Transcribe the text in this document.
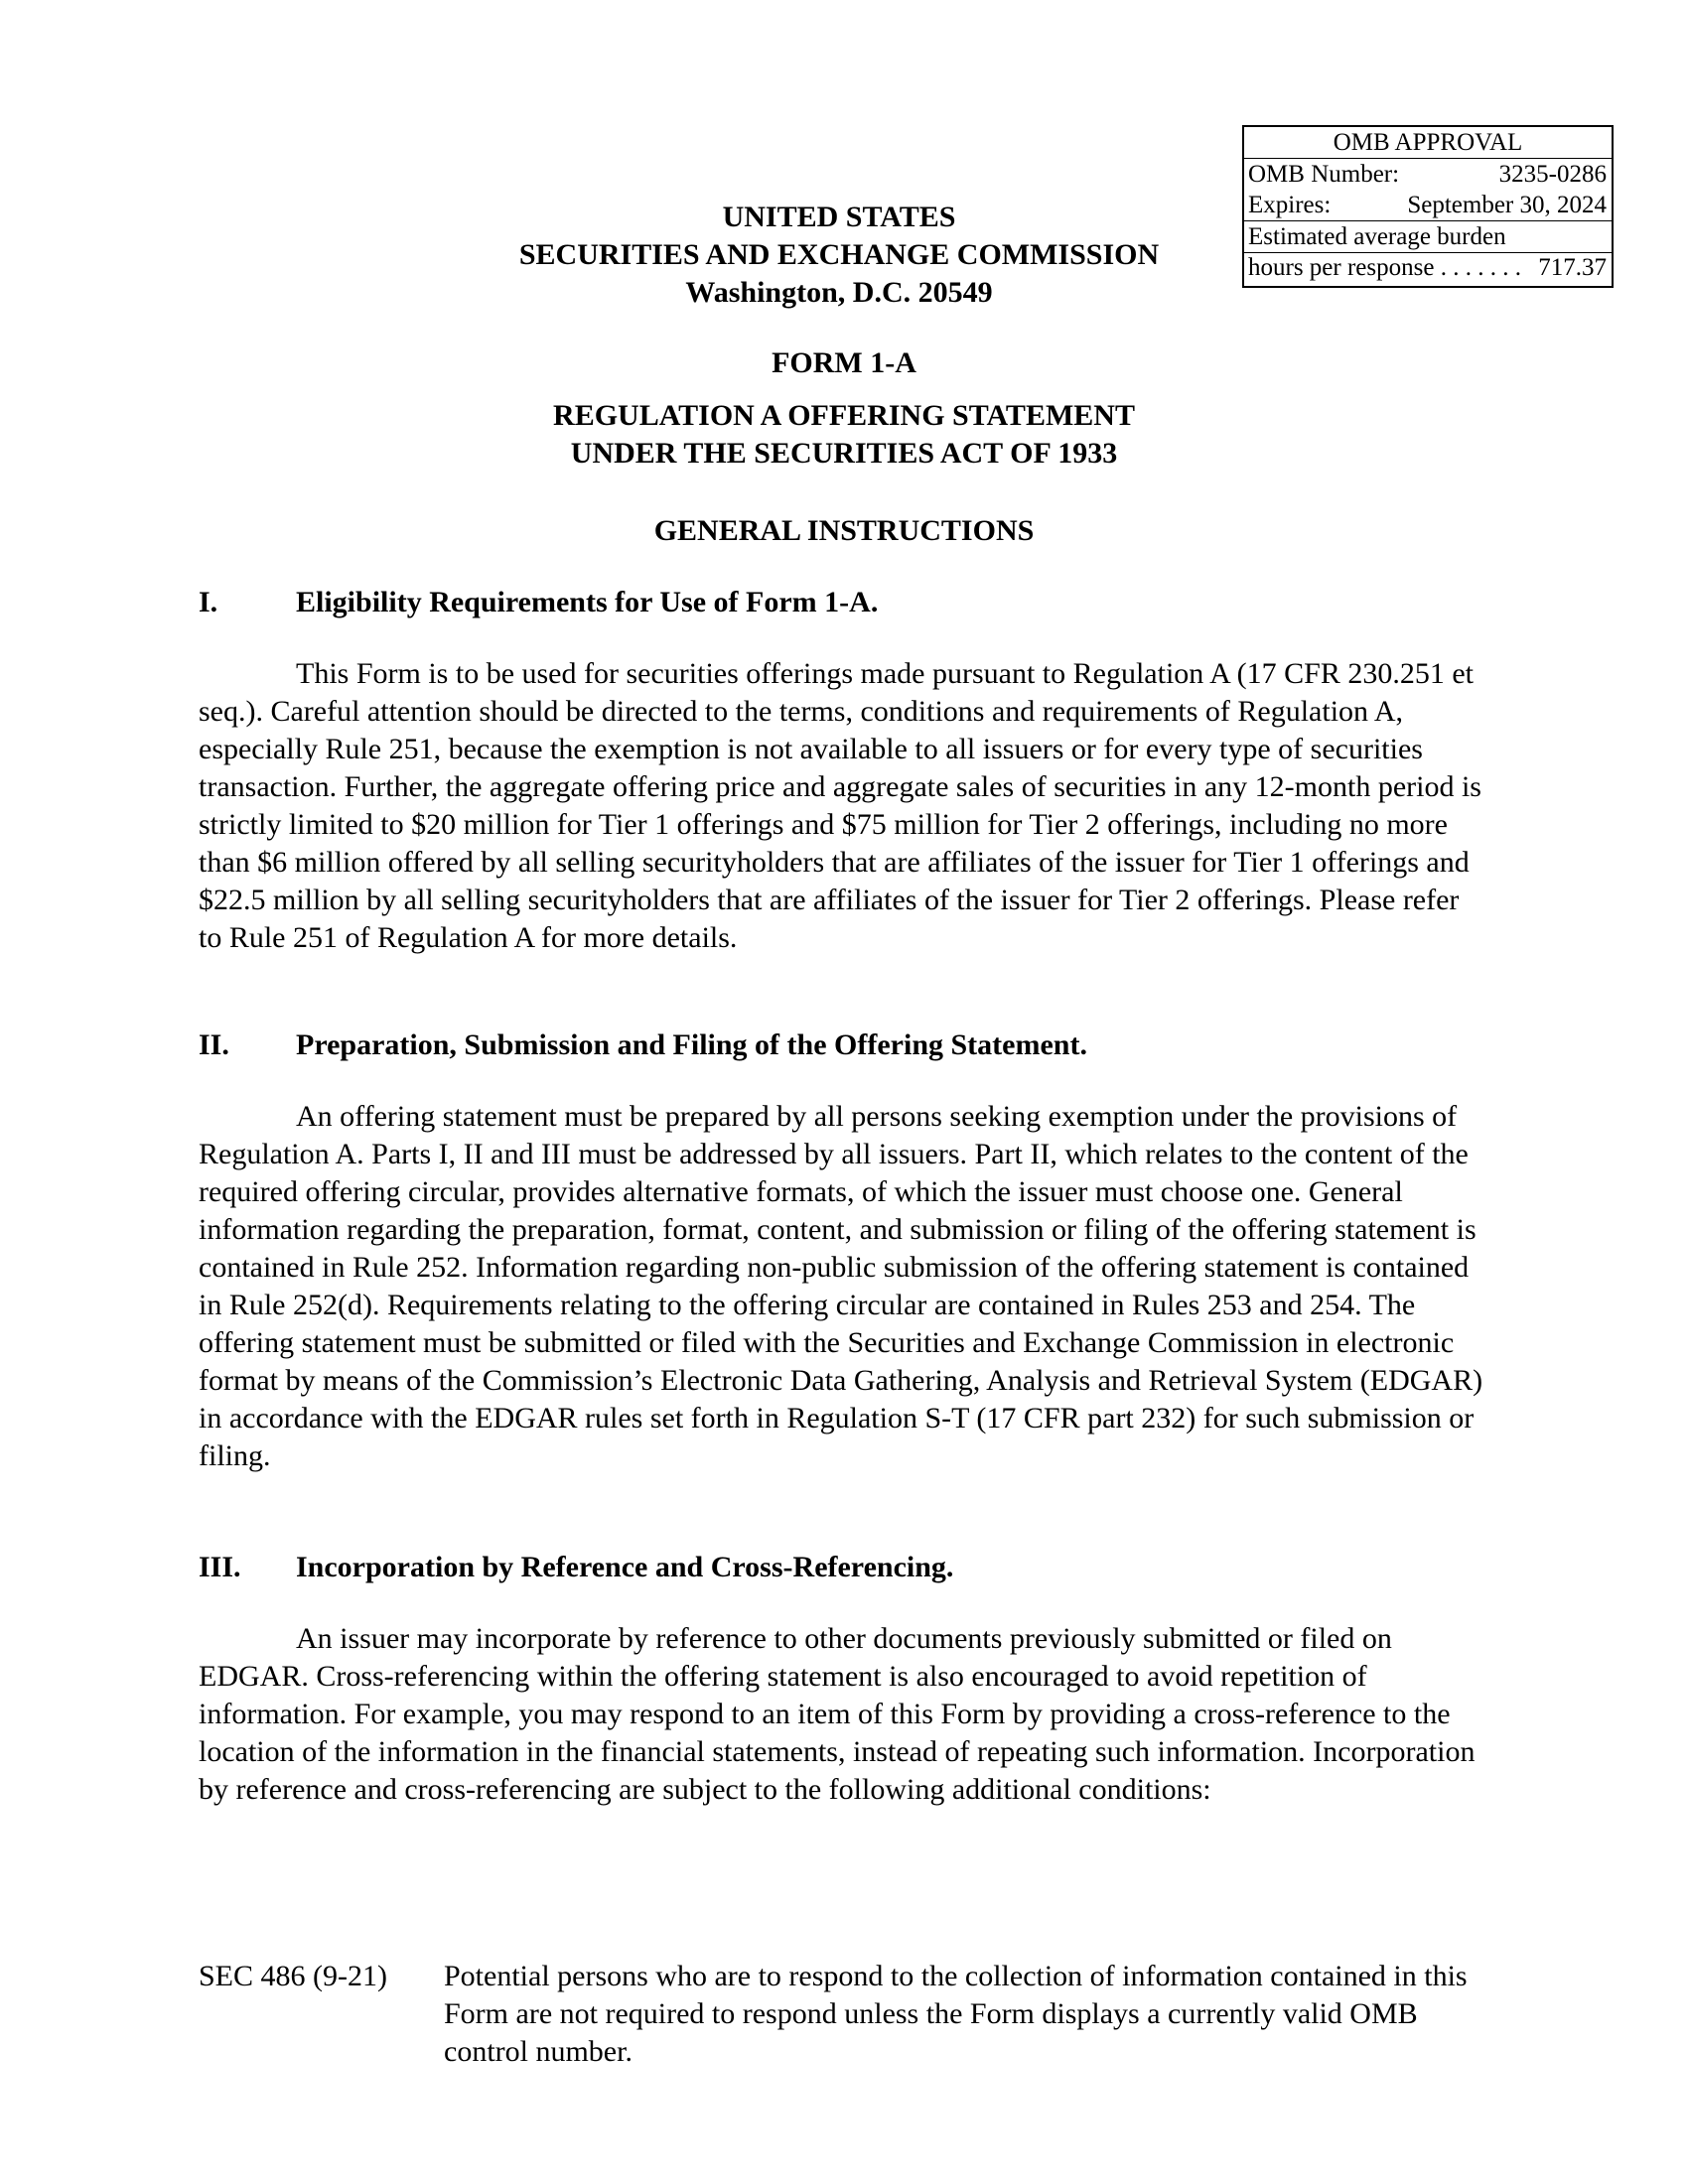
OMB APPROVAL
OMB Number:	3235-0286
Expires:	September 30, 2024
Estimated average burden
hours per response . . . . . . . 717.37
UNITED STATES
SECURITIES AND EXCHANGE COMMISSION
Washington, D.C. 20549
FORM 1-A
REGULATION A OFFERING STATEMENT
UNDER THE SECURITIES ACT OF 1933
GENERAL INSTRUCTIONS
I.	Eligibility Requirements for Use of Form 1-A.
This Form is to be used for securities offerings made pursuant to Regulation A (17 CFR 230.251 et seq.). Careful attention should be directed to the terms, conditions and requirements of Regulation A, especially Rule 251, because the exemption is not available to all issuers or for every type of securities transaction. Further, the aggregate offering price and aggregate sales of securities in any 12-month period is strictly limited to $20 million for Tier 1 offerings and $75 million for Tier 2 offerings, including no more than $6 million offered by all selling securityholders that are affiliates of the issuer for Tier 1 offerings and $22.5 million by all selling securityholders that are affiliates of the issuer for Tier 2 offerings. Please refer to Rule 251 of Regulation A for more details.
II.	Preparation, Submission and Filing of the Offering Statement.
An offering statement must be prepared by all persons seeking exemption under the provisions of Regulation A. Parts I, II and III must be addressed by all issuers. Part II, which relates to the content of the required offering circular, provides alternative formats, of which the issuer must choose one. General information regarding the preparation, format, content, and submission or filing of the offering statement is contained in Rule 252. Information regarding non-public submission of the offering statement is contained in Rule 252(d). Requirements relating to the offering circular are contained in Rules 253 and 254. The offering statement must be submitted or filed with the Securities and Exchange Commission in electronic format by means of the Commission’s Electronic Data Gathering, Analysis and Retrieval System (EDGAR) in accordance with the EDGAR rules set forth in Regulation S-T (17 CFR part 232) for such submission or filing.
III.	Incorporation by Reference and Cross-Referencing.
An issuer may incorporate by reference to other documents previously submitted or filed on EDGAR. Cross-referencing within the offering statement is also encouraged to avoid repetition of information. For example, you may respond to an item of this Form by providing a cross-reference to the location of the information in the financial statements, instead of repeating such information. Incorporation by reference and cross-referencing are subject to the following additional conditions:
SEC 486 (9-21) Potential persons who are to respond to the collection of information contained in this Form are not required to respond unless the Form displays a currently valid OMB control number.
